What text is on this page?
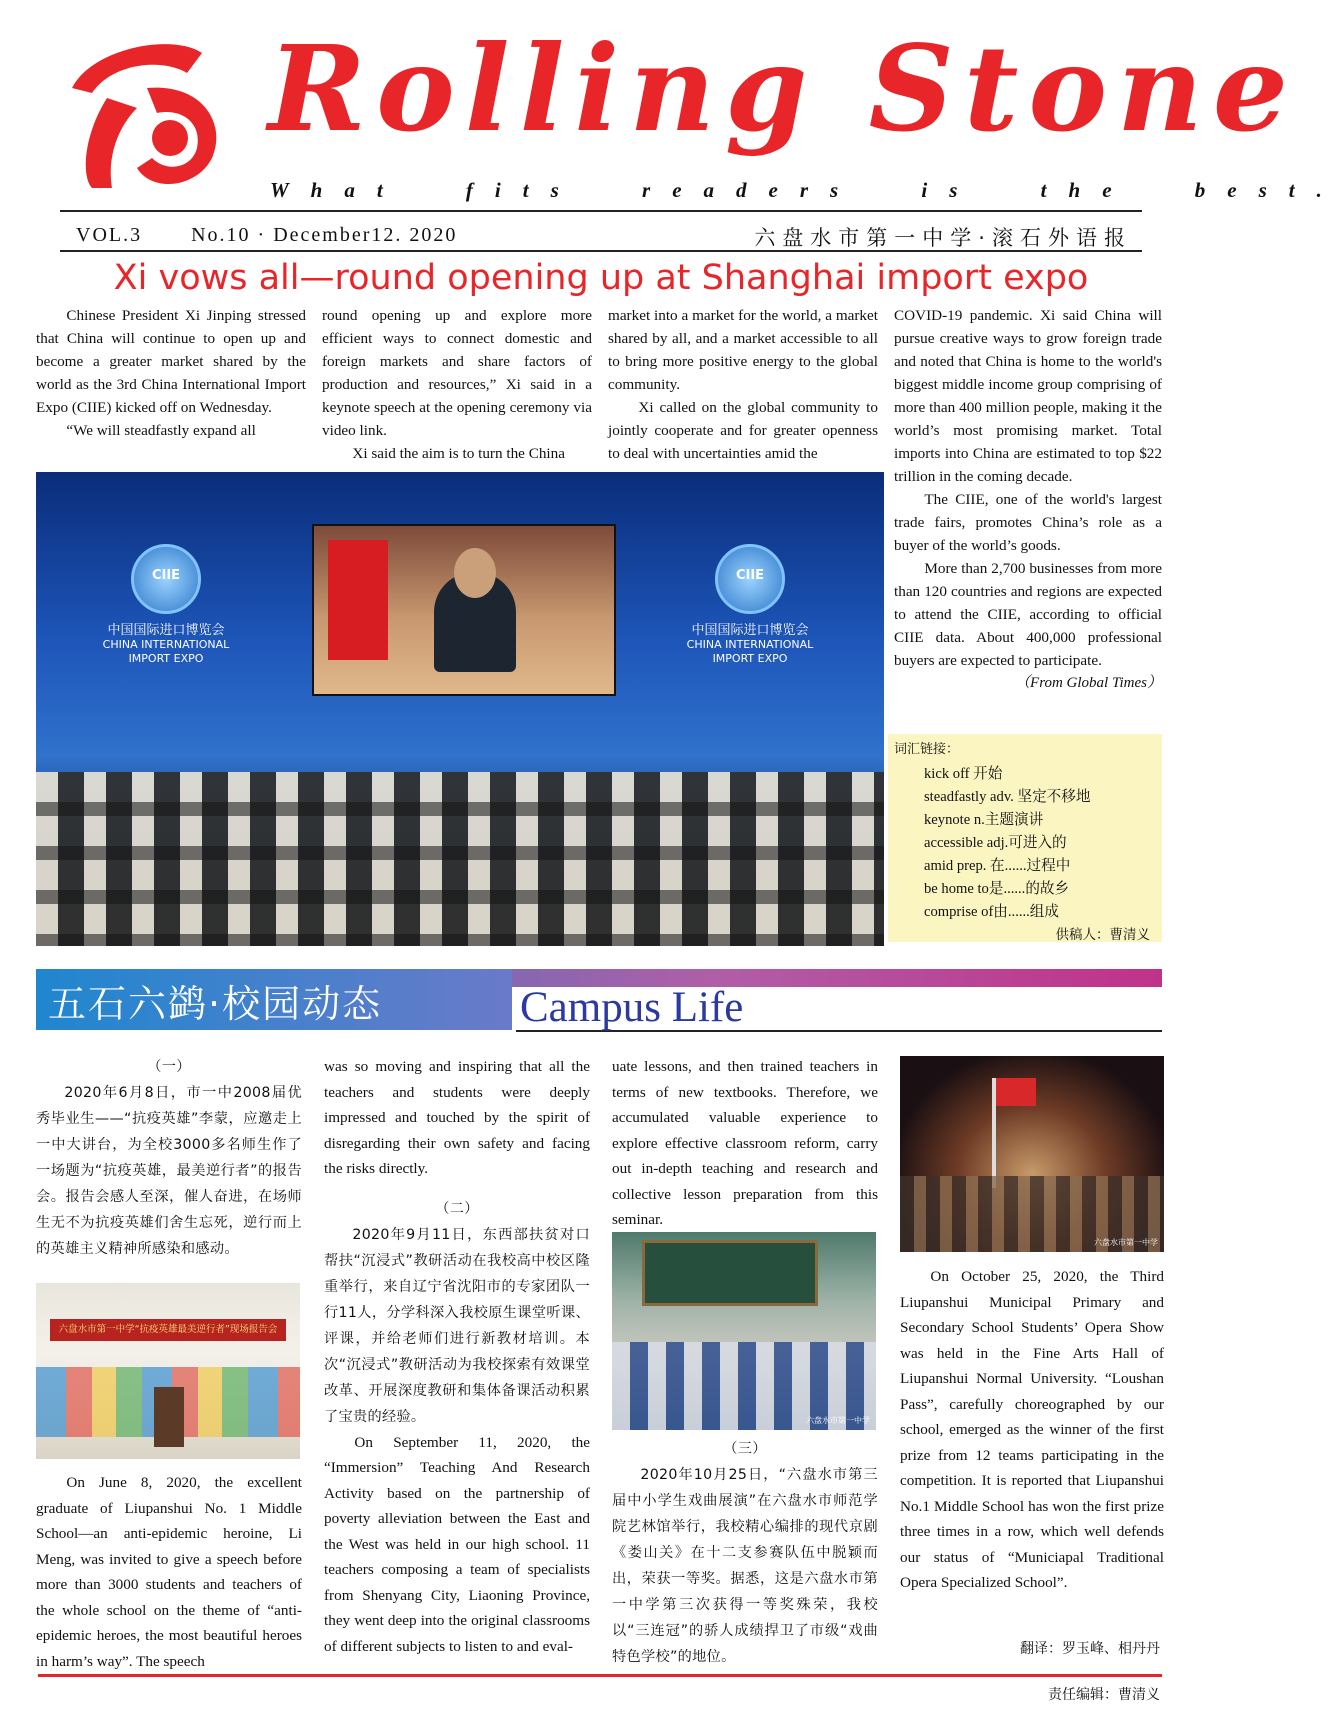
Rolling Stone
What fits readers is the best.
VOL.3 No.10 · December12. 2020	六盘水市第一中学·滚石外语报
Xi vows all—round opening up at Shanghai import expo

Chinese President Xi Jinping stressed that China will continue to open up and become a greater market shared by the world as the 3rd China International Import Expo (CIIE) kicked off on Wednesday.

“We will steadfastly expand all

round opening up and explore more efficient ways to connect domestic and foreign markets and share factors of production and resources,” Xi said in a keynote speech at the opening ceremony via video link.

Xi said the aim is to turn the China

market into a market for the world, a market shared by all, and a market accessible to all to bring more positive energy to the global community.

Xi called on the global community to jointly cooperate and for greater openness to deal with uncertainties amid the

COVID-19 pandemic. Xi said China will pursue creative ways to grow foreign trade and noted that China is home to the world's biggest middle income group comprising of more than 400 million people, making it the world’s most promising market. Total imports into China are estimated to top $22 trillion in the coming decade.

The CIIE, one of the world's largest trade fairs, promotes China’s role as a buyer of the world’s goods.

More than 2,700 businesses from more than 120 countries and regions are expected to attend the CIIE, according to official CIIE data. About 400,000 professional buyers are expected to participate.

（From Global Times）
CIIE
中国国际进口博览会
CHINA INTERNATIONAL
IMPORT EXPO
CIIE
中国国际进口博览会
CHINA INTERNATIONAL
IMPORT EXPO
词汇链接：
kick off 开始
steadfastly adv. 坚定不移地
keynote n.主题演讲
accessible adj.可进入的
amid prep. 在......过程中
be home to是......的故乡
comprise of由......组成
供稿人：曹清义
五石六鹢·校园动态	Campus Life

（一）

2020年6月8日，市一中2008届优秀毕业生——“抗疫英雄”李蒙，应邀走上一中大讲台，为全校3000多名师生作了一场题为“抗疫英雄，最美逆行者”的报告会。报告会感人至深，催人奋进，在场师生无不为抗疫英雄们舍生忘死，逆行而上的英雄主义精神所感染和感动。

六盘水市第一中学“抗疫英雄最美逆行者”现场报告会

On June 8, 2020, the excellent graduate of Liupanshui No. 1 Middle School—an anti-epidemic heroine, Li Meng, was invited to give a speech before more than 3000 students and teachers of the whole school on the theme of “anti-epidemic heroes, the most beautiful heroes in harm’s way”. The speech

was so moving and inspiring that all the teachers and students were deeply impressed and touched by the spirit of disregarding their own safety and facing the risks directly.

（二）

2020年9月11日，东西部扶贫对口帮扶“沉浸式”教研活动在我校高中校区隆重举行，来自辽宁省沈阳市的专家团队一行11人，分学科深入我校原生课堂听课、评课，并给老师们进行新教材培训。本次“沉浸式”教研活动为我校探索有效课堂改革、开展深度教研和集体备课活动积累了宝贵的经验。

On September 11, 2020, the “Immersion” Teaching And Research Activity based on the partnership of poverty alleviation between the East and the West was held in our high school. 11 teachers composing a team of specialists from Shenyang City, Liaoning Province, they went deep into the original classrooms of different subjects to listen to and eval-

uate lessons, and then trained teachers in terms of new textbooks. Therefore, we accumulated valuable experience to explore effective classroom reform, carry out in-depth teaching and research and collective lesson preparation from this seminar.

六盘水市第一中学

（三）

2020年10月25日，“六盘水市第三届中小学生戏曲展演”在六盘水市师范学院艺林馆举行，我校精心编排的现代京剧《娄山关》在十二支参赛队伍中脱颖而出，荣获一等奖。据悉，这是六盘水市第一中学第三次获得一等奖殊荣，我校以“三连冠”的骄人成绩捍卫了市级“戏曲特色学校”的地位。

六盘水市第一中学

On October 25, 2020, the Third Liupanshui Municipal Primary and Secondary School Students’ Opera Show was held in the Fine Arts Hall of Liupanshui Normal University. “Loushan Pass”, carefully choreographed by our school, emerged as the winner of the first prize from 12 teams participating in the competition. It is reported that Liupanshui No.1 Middle School has won the first prize three times in a row, which well defends our status of “Municiapal Traditional Opera Specialized School”.

翻译：罗玉峰、相丹丹
责任编辑：曹清义
